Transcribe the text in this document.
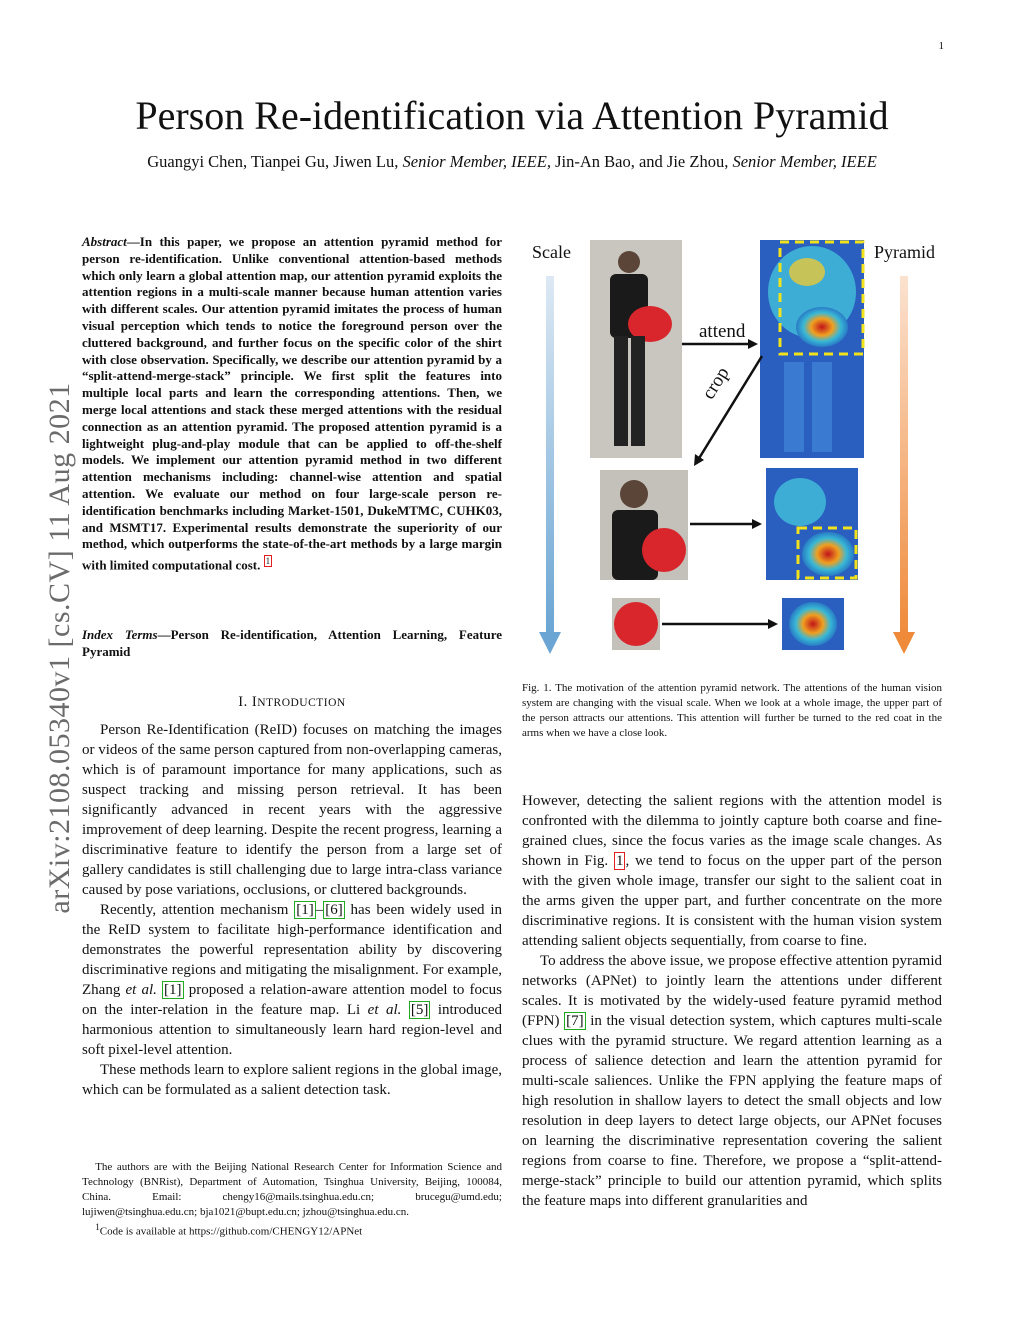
1
arXiv:2108.05340v1 [cs.CV] 11 Aug 2021
Person Re-identification via Attention Pyramid
Guangyi Chen, Tianpei Gu, Jiwen Lu, Senior Member, IEEE, Jin-An Bao, and Jie Zhou, Senior Member, IEEE
Abstract—In this paper, we propose an attention pyramid method for person re-identification. Unlike conventional attention-based methods which only learn a global attention map, our attention pyramid exploits the attention regions in a multi-scale manner because human attention varies with different scales. Our attention pyramid imitates the process of human visual perception which tends to notice the foreground person over the cluttered background, and further focus on the specific color of the shirt with close observation. Specifically, we describe our attention pyramid by a “split-attend-merge-stack” principle. We first split the features into multiple local parts and learn the corresponding attentions. Then, we merge local attentions and stack these merged attentions with the residual connection as an attention pyramid. The proposed attention pyramid is a lightweight plug-and-play module that can be applied to off-the-shelf models. We implement our attention pyramid method in two different attention mechanisms including: channel-wise attention and spatial attention. We evaluate our method on four large-scale person re-identification benchmarks including Market-1501, DukeMTMC, CUHK03, and MSMT17. Experimental results demonstrate the superiority of our method, which outperforms the state-of-the-art methods by a large margin with limited computational cost. $^1$
Index Terms—Person Re-identification, Attention Learning, Feature Pyramid
I. INTRODUCTION

Person Re-Identification (ReID) focuses on matching the images or videos of the same person captured from non-overlapping cameras, which is of paramount importance for many applications, such as suspect tracking and missing person retrieval. It has been significantly advanced in recent years with the aggressive improvement of deep learning. Despite the recent progress, learning a discriminative feature to identify the person from a large set of gallery candidates is still challenging due to large intra-class variance caused by pose variations, occlusions, or cluttered backgrounds.

Recently, attention mechanism [1] – [6] has been widely used in the ReID system to facilitate high-performance identification and demonstrates the powerful representation ability by discovering discriminative regions and mitigating the misalignment. For example, Zhang et al. [1] proposed a relation-aware attention model to focus on the inter-relation in the feature map. Li et al. [5] introduced harmonious attention to simultaneously learn hard region-level and soft pixel-level attention.

These methods learn to explore salient regions in the global image, which can be formulated as a salient detection task.

The authors are with the Beijing National Research Center for Information Science and Technology (BNRist), Department of Automation, Tsinghua University, Beijing, 100084, China. Email: chengy16@mails.tsinghua.edu.cn; brucegu@umd.edu; lujiwen@tsinghua.edu.cn; bja1021@bupt.edu.cn; jzhou@tsinghua.edu.cn.
$^1$Code is available at https://github.com/CHENGY12/APNet
Scale	Pyramid
attend
crop
Fig. 1. The motivation of the attention pyramid network. The attentions of the human vision system are changing with the visual scale. When we look at a whole image, the upper part of the person attracts our attentions. This attention will further be turned to the red coat in the arms when we have a close look.

However, detecting the salient regions with the attention model is confronted with the dilemma to jointly capture both coarse and fine-grained clues, since the focus varies as the image scale changes. As shown in Fig. 1 , we tend to focus on the upper part of the person with the given whole image, transfer our sight to the salient coat in the arms given the upper part, and further concentrate on the more discriminative regions. It is consistent with the human vision system attending salient objects sequentially, from coarse to fine.

To address the above issue, we propose effective attention pyramid networks (APNet) to jointly learn the attentions under different scales. It is motivated by the widely-used feature pyramid method (FPN) [7] in the visual detection system, which captures multi-scale clues with the pyramid structure. We regard attention learning as a process of salience detection and learn the attention pyramid for multi-scale saliences. Unlike the FPN applying the feature maps of high resolution in shallow layers to detect the small objects and low resolution in deep layers to detect large objects, our APNet focuses on learning the discriminative representation covering the salient regions from coarse to fine. Therefore, we propose a “split-attend-merge-stack” principle to build our attention pyramid, which splits the feature maps into different granularities and
